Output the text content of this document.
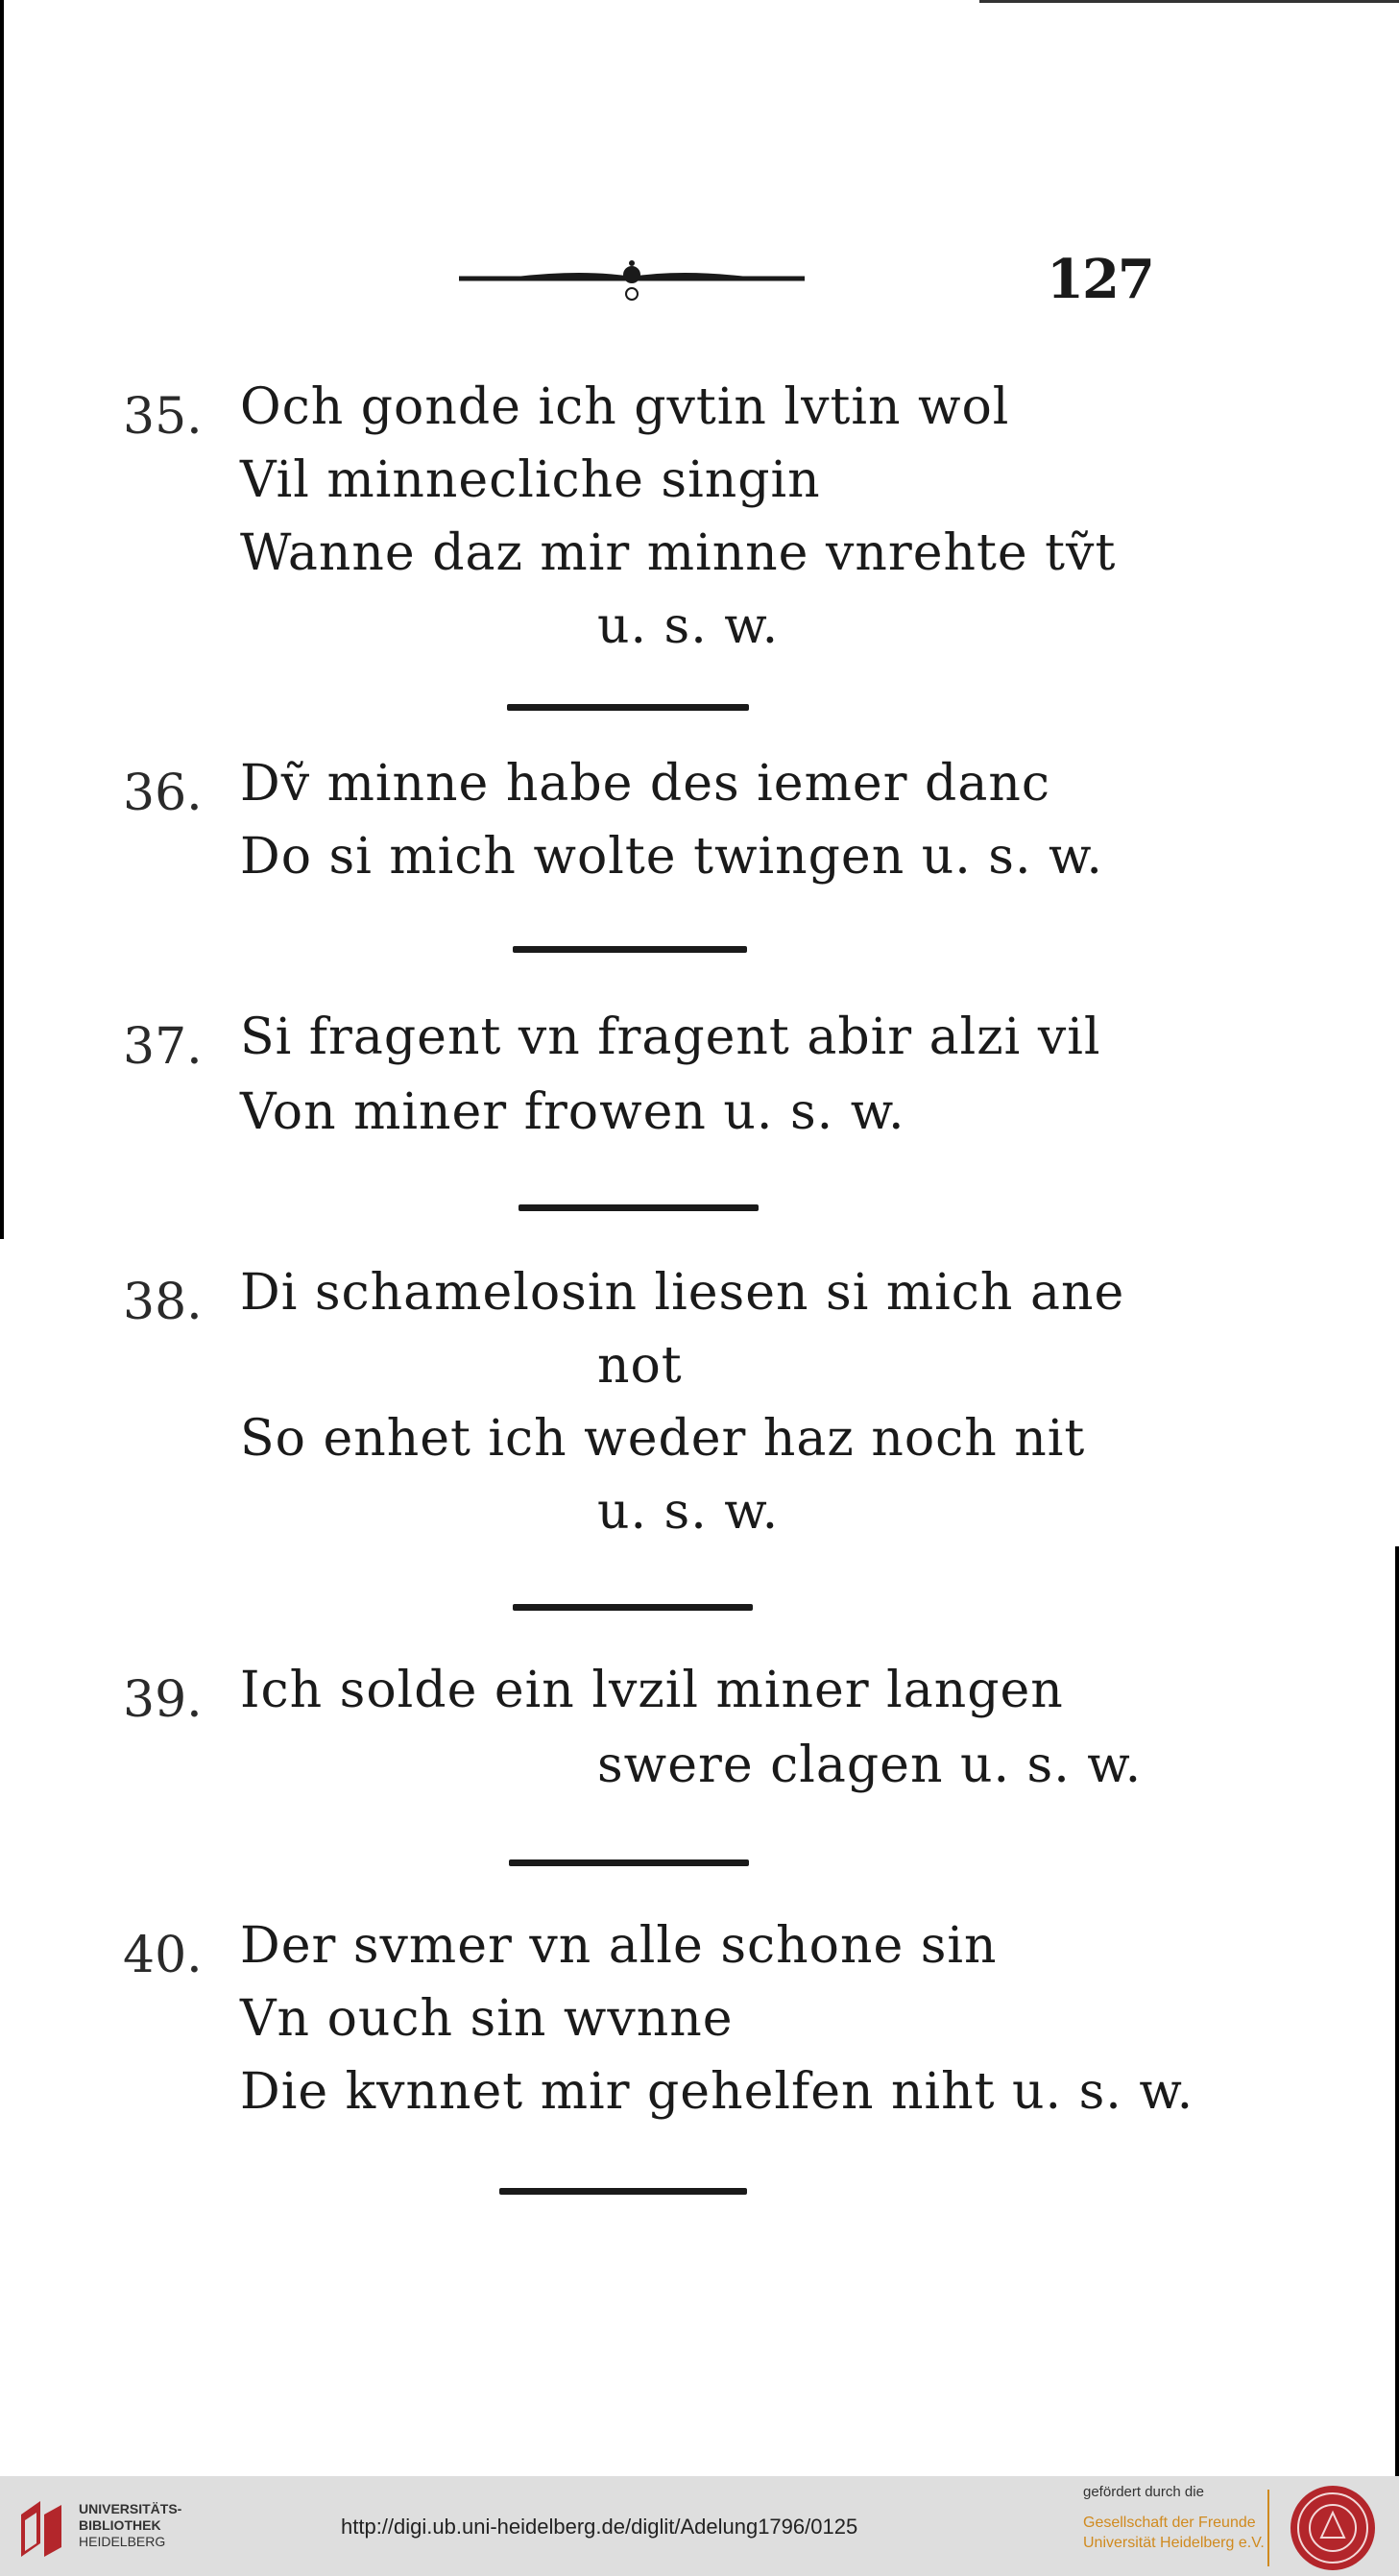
127
35. Och gonde ich gvtin lvtin wol
Vil minnecliche singin
Wanne daz mir minne vnrehte tṽt
u. s. w.
36. Dṽ minne habe des iemer danc
Do si mich wolte twingen u. s. w.
37. Si fragent vn fragent abir alzi vil
Von miner frowen u. s. w.
38. Di schamelosin liesen si mich ane
not
So enhet ich weder haz noch nit
u. s. w.
39. Ich solde ein lvzil miner langen
swere clagen u. s. w.
40. Der svmer vn alle schone sin
Vn ouch sin wvnne
Die kvnnet mir gehelfen niht u. s. w.
UNIVERSITÄTS-
BIBLIOTHEK
HEIDELBERG
http://digi.ub.uni-heidelberg.de/diglit/Adelung1796/0125
gefördert durch die
Gesellschaft der Freunde
Universität Heidelberg e.V.
